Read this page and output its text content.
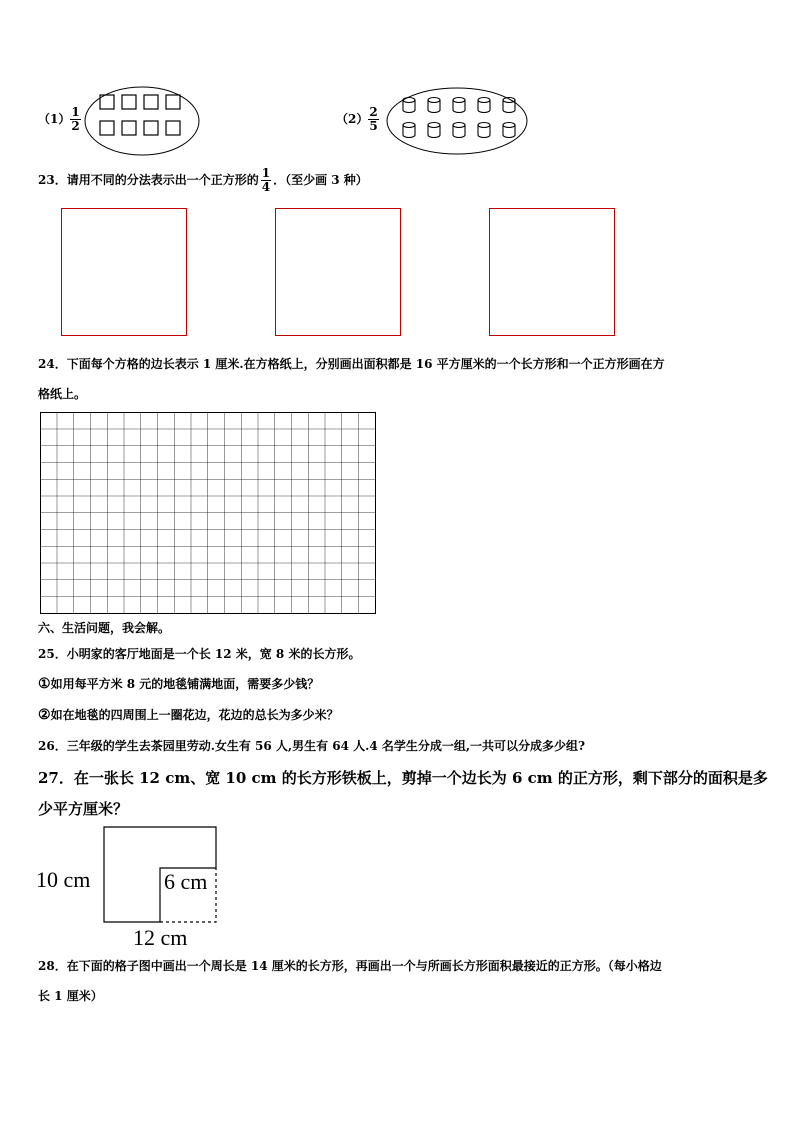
$(1) \frac{1}{2}$	$(2) \frac{2}{5}$
23．请用不同的分法表示出一个正方形的 $\frac{1}{4}$ ．（至少画 3 种）
24．下面每个方格的边长表示 1 厘米.在方格纸上，分别画出面积都是 16 平方厘米的一个长方形和一个正方形画在方
格纸上。
六、生活问题，我会解。
25．小明家的客厅地面是一个长 12 米，宽 8 米的长方形。
①如用每平方米 8 元的地毯铺满地面，需要多少钱？
②如在地毯的四周围上一圈花边，花边的总长为多少米？
26．三年级的学生去茶园里劳动.女生有 56 人,男生有 64 人.4 名学生分成一组,一共可以分成多少组?
27．在一张长 12 cm、宽 10 cm 的长方形铁板上，剪掉一个边长为 6 cm 的正方形，剩下部分的面积是多
少平方厘米？
10 cm	6 cm
12 cm
28．在下面的格子图中画出一个周长是 14 厘米的长方形，再画出一个与所画长方形面积最接近的正方形。（每小格边
长 1 厘米）
